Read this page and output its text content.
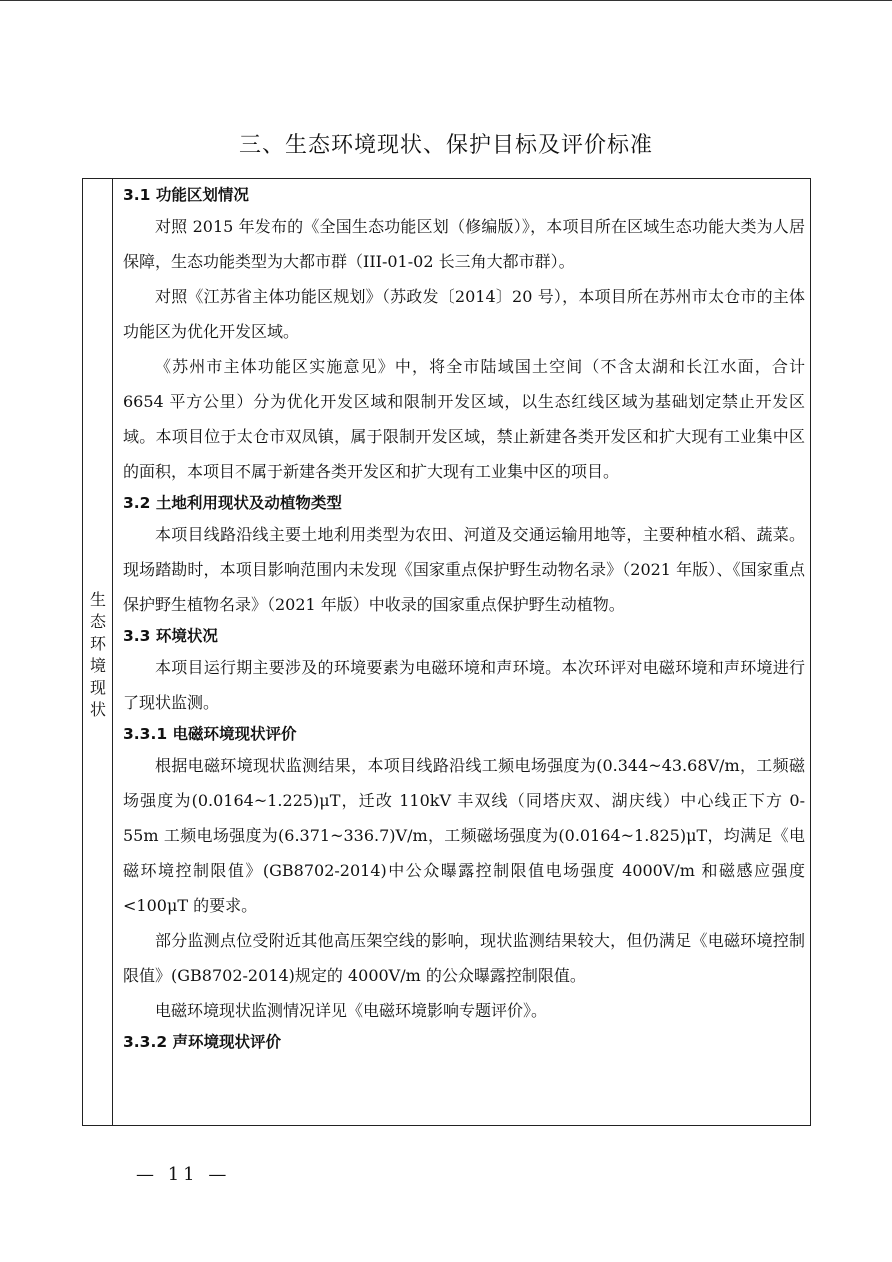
三、生态环境现状、保护目标及评价标准
生
态
环
境
现
状

3.1 功能区划情况

对照 2015 年发布的《全国生态功能区划（修编版）》，本项目所在区域生态功能大类为人居保障，生态功能类型为大都市群（III-01-02 长三角大都市群）。

对照《江苏省主体功能区规划》（苏政发〔2014〕20 号），本项目所在苏州市太仓市的主体功能区为优化开发区域。

《苏州市主体功能区实施意见》中，将全市陆域国土空间（不含太湖和长江水面，合计 6654 平方公里）分为优化开发区域和限制开发区域，以生态红线区域为基础划定禁止开发区域。本项目位于太仓市双凤镇，属于限制开发区域，禁止新建各类开发区和扩大现有工业集中区的面积，本项目不属于新建各类开发区和扩大现有工业集中区的项目。

3.2 土地利用现状及动植物类型

本项目线路沿线主要土地利用类型为农田、河道及交通运输用地等，主要种植水稻、蔬菜。现场踏勘时，本项目影响范围内未发现《国家重点保护野生动物名录》（2021 年版）、《国家重点保护野生植物名录》（2021 年版）中收录的国家重点保护野生动植物。

3.3 环境状况

本项目运行期主要涉及的环境要素为电磁环境和声环境。本次环评对电磁环境和声环境进行了现状监测。

3.3.1 电磁环境现状评价

根据电磁环境现状监测结果，本项目线路沿线工频电场强度为(0.344~43.68V/m，工频磁场强度为(0.0164~1.225)μT，迁改 110kV 丰双线（同塔庆双、湖庆线）中心线正下方 0-55m 工频电场强度为(6.371~336.7)V/m，工频磁场强度为(0.0164~1.825)μT，均满足《电磁环境控制限值》(GB8702-2014)中公众曝露控制限值电场强度 4000V/m 和磁感应强度<100μT 的要求。

部分监测点位受附近其他高压架空线的影响，现状监测结果较大，但仍满足《电磁环境控制限值》(GB8702-2014)规定的 4000V/m 的公众曝露控制限值。

电磁环境现状监测情况详见《电磁环境影响专题评价》。

3.3.2 声环境现状评价

— 11 —
